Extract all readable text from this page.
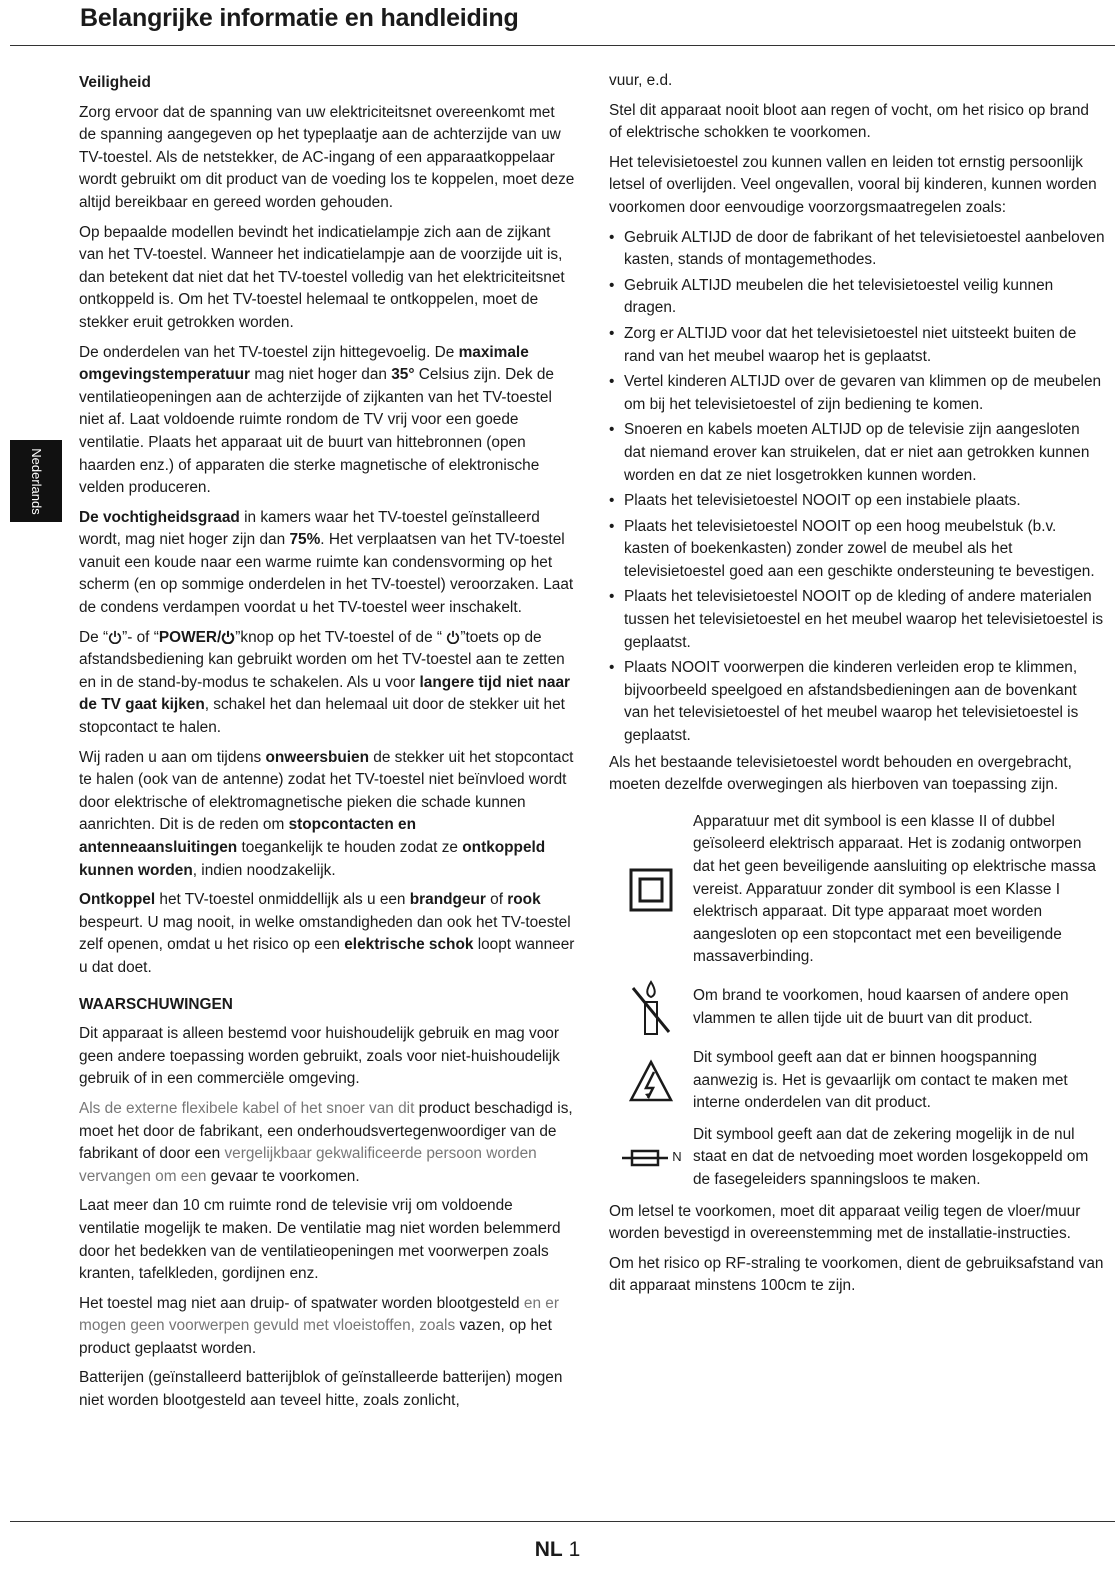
Belangrijke informatie en handleiding
Nederlands

Veiligheid

Zorg ervoor dat de spanning van uw elektriciteitsnet overeenkomt met de spanning aangegeven op het typeplaatje aan de achterzijde van uw TV-toestel. Als de netstekker, de AC-ingang of een apparaatkoppelaar wordt gebruikt om dit product van de voeding los te koppelen, moet deze altijd bereikbaar en gereed worden gehouden.

Op bepaalde modellen bevindt het indicatielampje zich aan de zijkant van het TV-toestel. Wanneer het indicatielampje aan de voorzijde uit is, dan betekent dat niet dat het TV-toestel volledig van het elektriciteitsnet ontkoppeld is. Om het TV-toestel helemaal te ontkoppelen, moet de stekker eruit getrokken worden.

De onderdelen van het TV-toestel zijn hittegevoelig. De maximale omgevingstemperatuur mag niet hoger dan 35° Celsius zijn. Dek de ventilatieopeningen aan de achterzijde of zijkanten van het TV-toestel niet af. Laat voldoende ruimte rondom de TV vrij voor een goede ventilatie. Plaats het apparaat uit de buurt van hittebronnen (open haarden enz.) of apparaten die sterke magnetische of elektronische velden produceren.

De vochtigheidsgraad in kamers waar het TV-toestel geïnstalleerd wordt, mag niet hoger zijn dan 75%. Het verplaatsen van het TV-toestel vanuit een koude naar een warme ruimte kan condensvorming op het scherm (en op sommige onderdelen in het TV-toestel) veroorzaken. Laat de condens verdampen voordat u het TV-toestel weer inschakelt.

De “ ”- of “POWER/ ”knop op het TV-toestel of de “ ”toets op de afstandsbediening kan gebruikt worden om het TV-toestel aan te zetten en in de stand-by-modus te schakelen. Als u voor langere tijd niet naar de TV gaat kijken, schakel het dan helemaal uit door de stekker uit het stopcontact te halen.

Wij raden u aan om tijdens onweersbuien de stekker uit het stopcontact te halen (ook van de antenne) zodat het TV-toestel niet beïnvloed wordt door elektrische of elektromagnetische pieken die schade kunnen aanrichten. Dit is de reden om stopcontacten en antenneaansluitingen toegankelijk te houden zodat ze ontkoppeld kunnen worden, indien noodzakelijk.

Ontkoppel het TV-toestel onmiddellijk als u een brandgeur of rook bespeurt. U mag nooit, in welke omstandigheden dan ook het TV-toestel zelf openen, omdat u het risico op een elektrische schok loopt wanneer u dat doet.

WAARSCHUWINGEN

Dit apparaat is alleen bestemd voor huishoudelijk gebruik en mag voor geen andere toepassing worden gebruikt, zoals voor niet-huishoudelijk gebruik of in een commerciële omgeving.

Als de externe flexibele kabel of het snoer van dit product beschadigd is, moet het door de fabrikant, een onderhoudsvertegenwoordiger van de fabrikant of door een vergelijkbaar gekwalificeerde persoon worden vervangen om een gevaar te voorkomen.

Laat meer dan 10 cm ruimte rond de televisie vrij om voldoende ventilatie mogelijk te maken. De ventilatie mag niet worden belemmerd door het bedekken van de ventilatieopeningen met voorwerpen zoals kranten, tafelkleden, gordijnen enz.

Het toestel mag niet aan druip- of spatwater worden blootgesteld en er mogen geen voorwerpen gevuld met vloeistoffen, zoals vazen, op het product geplaatst worden.

Batterijen (geïnstalleerd batterijblok of geïnstalleerde batterijen) mogen niet worden blootgesteld aan teveel hitte, zoals zonlicht,

vuur, e.d.

Stel dit apparaat nooit bloot aan regen of vocht, om het risico op brand of elektrische schokken te voorkomen.

Het televisietoestel zou kunnen vallen en leiden tot ernstig persoonlijk letsel of overlijden. Veel ongevallen, vooral bij kinderen, kunnen worden voorkomen door eenvoudige voorzorgsmaatregelen zoals:

• Gebruik ALTIJD de door de fabrikant of het televisietoestel aanbeloven kasten, stands of montagemethodes.
• Gebruik ALTIJD meubelen die het televisietoestel veilig kunnen dragen.
• Zorg er ALTIJD voor dat het televisietoestel niet uitsteekt buiten de rand van het meubel waarop het is geplaatst.
• Vertel kinderen ALTIJD over de gevaren van klimmen op de meubelen om bij het televisietoestel of zijn bediening te komen.
• Snoeren en kabels moeten ALTIJD op de televisie zijn aangesloten dat niemand erover kan struikelen, dat er niet aan getrokken kunnen worden en dat ze niet losgetrokken kunnen worden.
• Plaats het televisietoestel NOOIT op een instabiele plaats.
• Plaats het televisietoestel NOOIT op een hoog meubelstuk (b.v. kasten of boekenkasten) zonder zowel de meubel als het televisietoestel goed aan een geschikte ondersteuning te bevestigen.
• Plaats het televisietoestel NOOIT op de kleding of andere materialen tussen het televisietoestel en het meubel waarop het televisietoestel is geplaatst.
• Plaats NOOIT voorwerpen die kinderen verleiden erop te klimmen, bijvoorbeeld speelgoed en afstandsbedieningen aan de bovenkant van het televisietoestel of het meubel waarop het televisietoestel is geplaatst.

Als het bestaande televisietoestel wordt behouden en overgebracht, moeten dezelfde overwegingen als hierboven van toepassing zijn.

Apparatuur met dit symbool is een klasse II of dubbel geïsoleerd elektrisch apparaat. Het is zodanig ontworpen dat het geen beveiligende aansluiting op elektrische massa vereist. Apparatuur zonder dit symbool is een Klasse I elektrisch apparaat. Dit type apparaat moet worden aangesloten op een stopcontact met een beveiligende massaverbinding.
Om brand te voorkomen, houd kaarsen of andere open vlammen te allen tijde uit de buurt van dit product.
Dit symbool geeft aan dat er binnen hoogspanning aanwezig is. Het is gevaarlijk om contact te maken met interne onderdelen van dit product.
N
Dit symbool geeft aan dat de zekering mogelijk in de nul staat en dat de netvoeding moet worden losgekoppeld om de fasegeleiders spanningsloos te maken.

Om letsel te voorkomen, moet dit apparaat veilig tegen de vloer/muur worden bevestigd in overeenstemming met de installatie-instructies.

Om het risico op RF-straling te voorkomen, dient de gebruiksafstand van dit apparaat minstens 100cm te zijn.

NL 1
